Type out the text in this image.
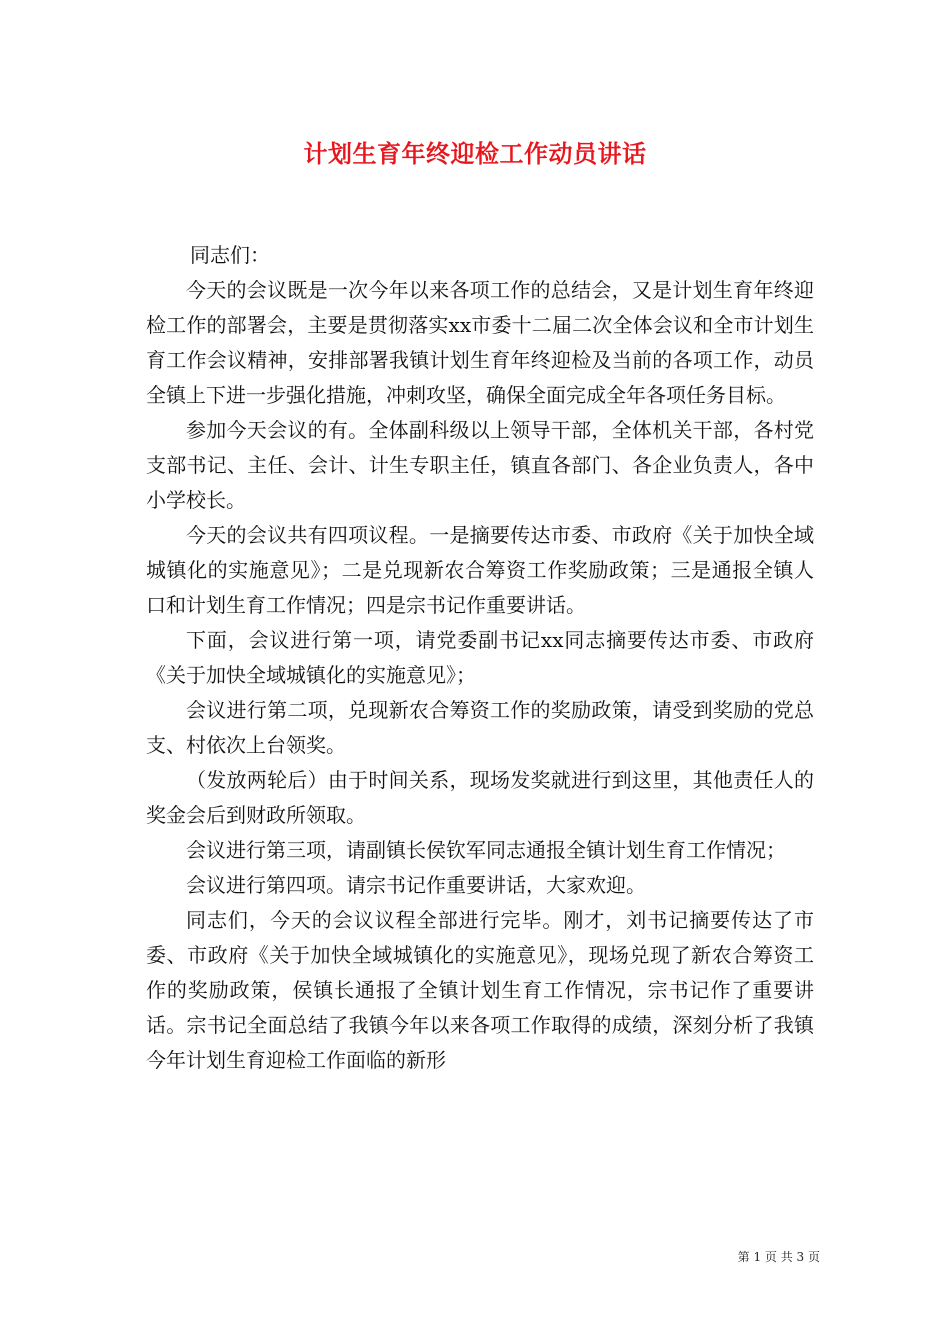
计划生育年终迎检工作动员讲话

同志们：

今天的会议既是一次今年以来各项工作的总结会，又是计划生育年终迎检工作的部署会，主要是贯彻落实xx市委十二届二次全体会议和全市计划生育工作会议精神，安排部署我镇计划生育年终迎检及当前的各项工作，动员全镇上下进一步强化措施，冲刺攻坚，确保全面完成全年各项任务目标。

参加今天会议的有。全体副科级以上领导干部，全体机关干部，各村党支部书记、主任、会计、计生专职主任，镇直各部门、各企业负责人，各中小学校长。

今天的会议共有四项议程。一是摘要传达市委、市政府《关于加快全域城镇化的实施意见》；二是兑现新农合筹资工作奖励政策；三是通报全镇人口和计划生育工作情况；四是宗书记作重要讲话。

下面，会议进行第一项，请党委副书记xx同志摘要传达市委、市政府《关于加快全域城镇化的实施意见》；

会议进行第二项，兑现新农合筹资工作的奖励政策，请受到奖励的党总支、村依次上台领奖。

（发放两轮后）由于时间关系，现场发奖就进行到这里，其他责任人的奖金会后到财政所领取。

会议进行第三项，请副镇长侯钦军同志通报全镇计划生育工作情况；

会议进行第四项。请宗书记作重要讲话，大家欢迎。

同志们，今天的会议议程全部进行完毕。刚才，刘书记摘要传达了市委、市政府《关于加快全域城镇化的实施意见》，现场兑现了新农合筹资工作的奖励政策，侯镇长通报了全镇计划生育工作情况，宗书记作了重要讲话。宗书记全面总结了我镇今年以来各项工作取得的成绩，深刻分析了我镇今年计划生育迎检工作面临的新形

第 1 页 共 3 页
